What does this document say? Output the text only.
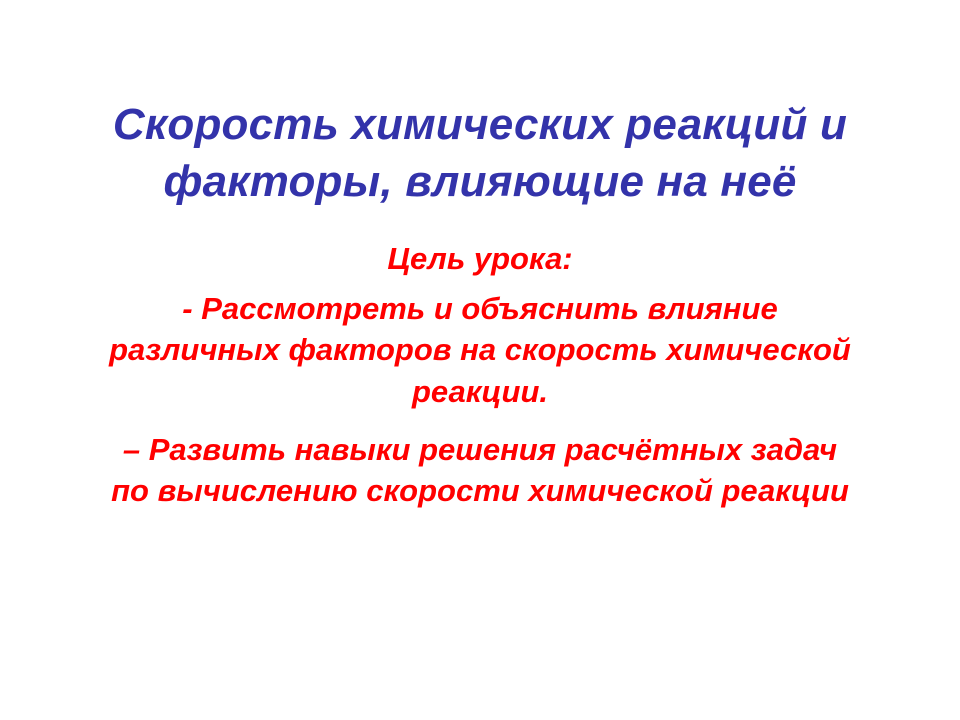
Скорость химических реакций и факторы, влияющие на неё
Цель урока:
- Рассмотреть и объяснить влияние различных факторов на скорость химической реакции.
– Развить навыки решения расчётных задач по вычислению скорости химической реакции
